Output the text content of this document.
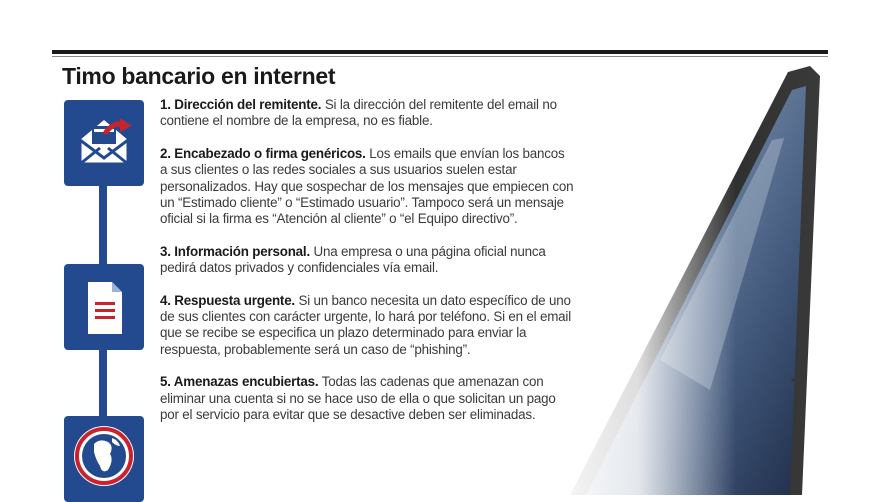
Timo bancario en internet

1. Dirección del remitente. Si la dirección del remitente del email no contiene el nombre de la empresa, no es fiable.

2. Encabezado o firma genéricos. Los emails que envían los bancos a sus clientes o las redes sociales a sus usuarios suelen estar personalizados. Hay que sospechar de los mensajes que empiecen con un “Estimado cliente” o “Estimado usuario”. Tampoco será un mensaje oficial si la firma es “Atención al cliente” o “el Equipo directivo”.

3. Información personal. Una empresa o una página oficial nunca pedirá datos privados y confidenciales vía email.

4. Respuesta urgente. Si un banco necesita un dato específico de uno de sus clientes con carácter urgente, lo hará por teléfono. Si en el email que se recibe se especifica un plazo determinado para enviar la respuesta, probablemente será un caso de “phishing”.

5. Amenazas encubiertas. Todas las cadenas que amenazan con eliminar una cuenta si no se hace uso de ella o que solicitan un pago por el servicio para evitar que se desactive deben ser eliminadas.
